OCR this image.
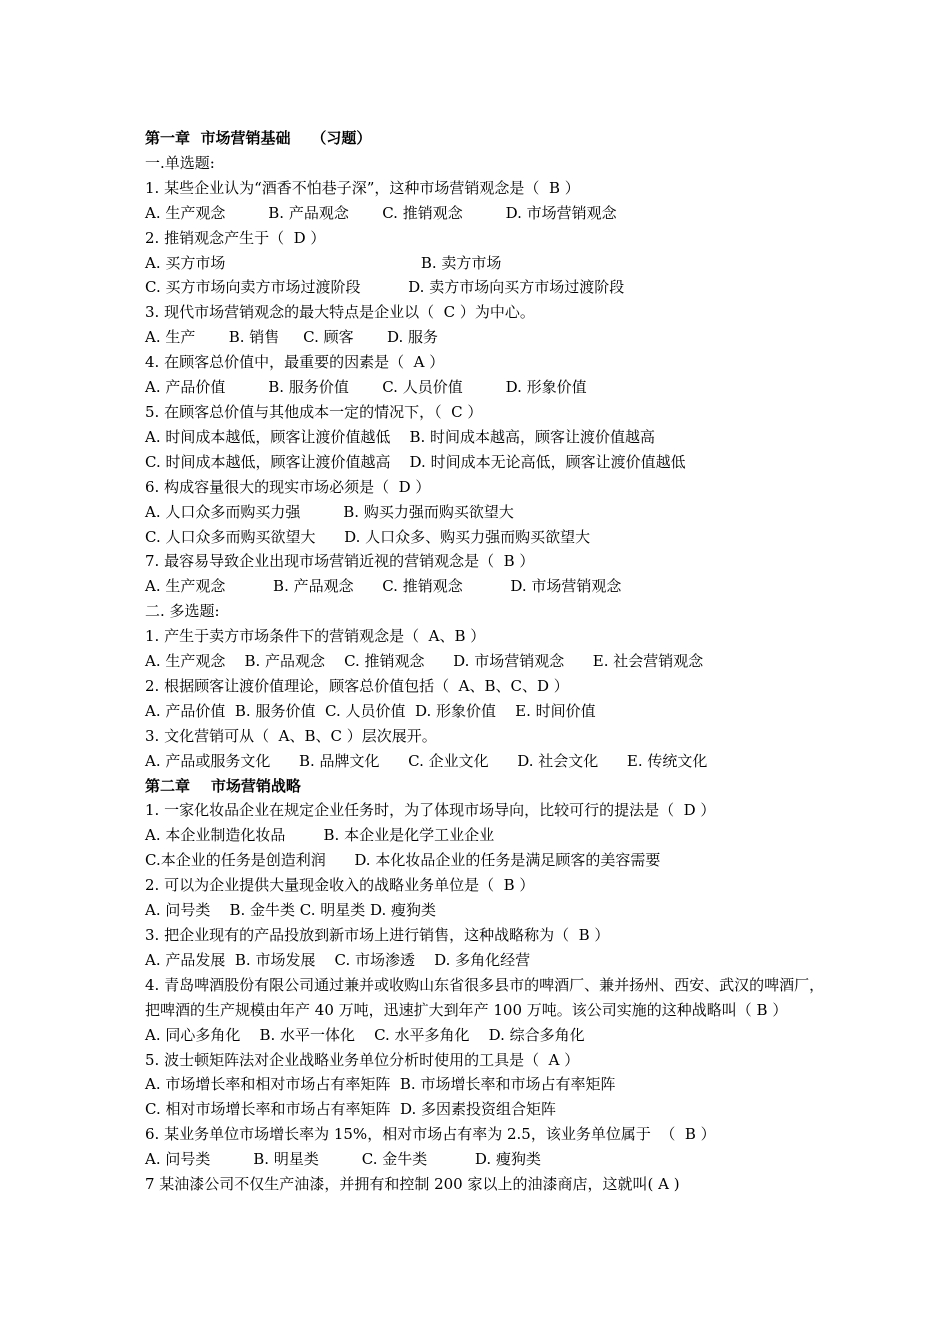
第一章  市场营销基础    （习题）
一.单选题:
1. 某些企业认为“酒香不怕巷子深”，这种市场营销观念是（  B ）
A. 生产观念         B. 产品观念       C. 推销观念         D. 市场营销观念
2. 推销观念产生于（  D ）
A. 买方市场                                         B. 卖方市场
C. 买方市场向卖方市场过渡阶段          D. 卖方市场向买方市场过渡阶段
3. 现代市场营销观念的最大特点是企业以（  C ）为中心。
A. 生产       B. 销售     C. 顾客       D. 服务
4. 在顾客总价值中，最重要的因素是（  A ）
A. 产品价值         B. 服务价值       C. 人员价值         D. 形象价值
5. 在顾客总价值与其他成本一定的情况下，（  C ）
A. 时间成本越低，顾客让渡价值越低    B. 时间成本越高，顾客让渡价值越高
C. 时间成本越低，顾客让渡价值越高    D. 时间成本无论高低，顾客让渡价值越低
6. 构成容量很大的现实市场必须是（  D ）
A. 人口众多而购买力强         B. 购买力强而购买欲望大
C. 人口众多而购买欲望大      D. 人口众多、购买力强而购买欲望大
7. 最容易导致企业出现市场营销近视的营销观念是（  B ）
A. 生产观念          B. 产品观念      C. 推销观念          D. 市场营销观念
二. 多选题:
1. 产生于卖方市场条件下的营销观念是（  A、B ）
A. 生产观念    B. 产品观念    C. 推销观念      D. 市场营销观念      E. 社会营销观念
2. 根据顾客让渡价值理论，顾客总价值包括（  A、B、C、D ）
A. 产品价值  B. 服务价值  C. 人员价值  D. 形象价值    E. 时间价值
3. 文化营销可从（  A、B、C ）层次展开。
A. 产品或服务文化      B. 品牌文化      C. 企业文化      D. 社会文化      E. 传统文化
第二章    市场营销战略
1. 一家化妆品企业在规定企业任务时，为了体现市场导向，比较可行的提法是（  D ）
A. 本企业制造化妆品        B. 本企业是化学工业企业
C.本企业的任务是创造利润      D. 本化妆品企业的任务是满足顾客的美容需要
2. 可以为企业提供大量现金收入的战略业务单位是（  B ）
A. 问号类    B. 金牛类 C. 明星类 D. 瘦狗类
3. 把企业现有的产品投放到新市场上进行销售，这种战略称为（  B ）
A. 产品发展  B. 市场发展    C. 市场渗透    D. 多角化经营
4. 青岛啤酒股份有限公司通过兼并或收购山东省很多县市的啤酒厂、兼并扬州、西安、武汉的啤酒厂，把啤酒的生产规模由年产 40 万吨，迅速扩大到年产 100 万吨。该公司实施的这种战略叫（ B ）
A. 同心多角化    B. 水平一体化    C. 水平多角化    D. 综合多角化
5. 波士顿矩阵法对企业战略业务单位分析时使用的工具是（  A ）
A. 市场增长率和相对市场占有率矩阵  B. 市场增长率和市场占有率矩阵
C. 相对市场增长率和市场占有率矩阵  D. 多因素投资组合矩阵
6. 某业务单位市场增长率为 15%，相对市场占有率为 2.5，该业务单位属于  （  B ）
A. 问号类         B. 明星类         C. 金牛类          D. 瘦狗类
7 某油漆公司不仅生产油漆，并拥有和控制 200 家以上的油漆商店，这就叫( A )
